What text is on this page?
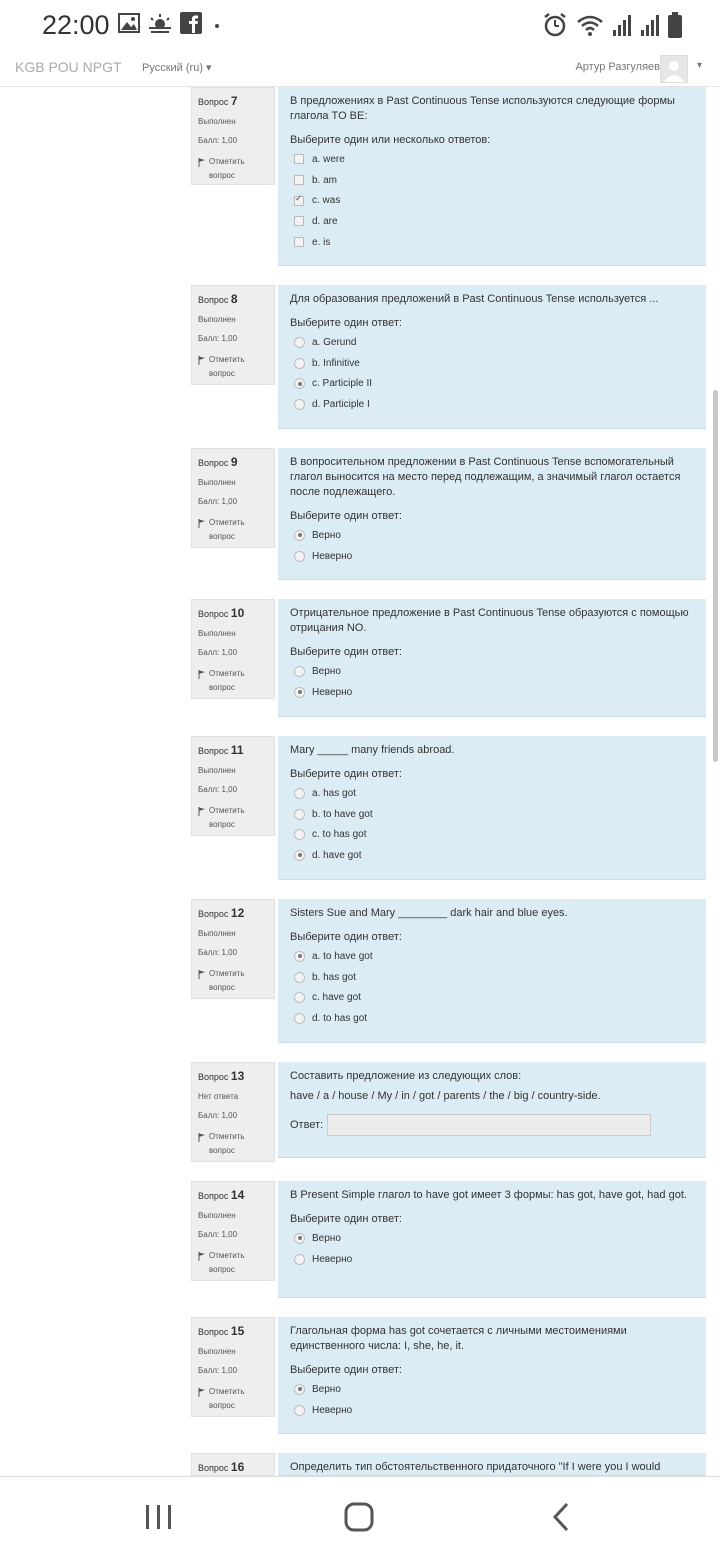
22:00
KGB POU NPGT Русский (ru) ▾	Артур Разгуляев	▾
Вопрос 7
Выполнен
Балл: 1,00
Отметить вопрос
В предложениях в Past Continuous Tense используются следующие формы глагола TO BE:
Выберите один или несколько ответов:
a. were
b. am
✓
c. was
d. are
e. is
Вопрос 8
Выполнен
Балл: 1,00
Отметить вопрос
Для образования предложений в Past Continuous Tense используется ...
Выберите один ответ:
a. Gerund
b. Infinitive
c. Participle II
d. Participle I
Вопрос 9
Выполнен
Балл: 1,00
Отметить вопрос
В вопросительном предложении в Past Continuous Tense вспомогательный глагол выносится на место перед подлежащим, а значимый глагол остается после подлежащего.
Выберите один ответ:
Верно
Неверно
Вопрос 10
Выполнен
Балл: 1,00
Отметить вопрос
Отрицательное предложение в Past Continuous Tense образуются с помощью отрицания NO.
Выберите один ответ:
Верно
Неверно
Вопрос 11
Выполнен
Балл: 1,00
Отметить вопрос
Mary _____ many friends abroad.
Выберите один ответ:
a. has got
b. to have got
c. to has got
d. have got
Вопрос 12
Выполнен
Балл: 1,00
Отметить вопрос
Sisters Sue and Mary ________ dark hair and blue eyes.
Выберите один ответ:
a. to have got
b. has got
c. have got
d. to has got
Вопрос 13
Нет ответа
Балл: 1,00
Отметить вопрос
Составить предложение из следующих слов:
have / a / house / My / in / got / parents / the / big / country-side.
Ответ:
Вопрос 14
Выполнен
Балл: 1,00
Отметить вопрос
В Present Simple глагол to have got имеет 3 формы: has got, have got, had got.
Выберите один ответ:
Верно
Неверно
Вопрос 15
Выполнен
Балл: 1,00
Отметить вопрос
Глагольная форма has got сочетается с личными местоимениями единственного числа: I, she, he, it.
Выберите один ответ:
Верно
Неверно
Вопрос 16	Определить тип обстоятельственного придаточного "If I were you I would
